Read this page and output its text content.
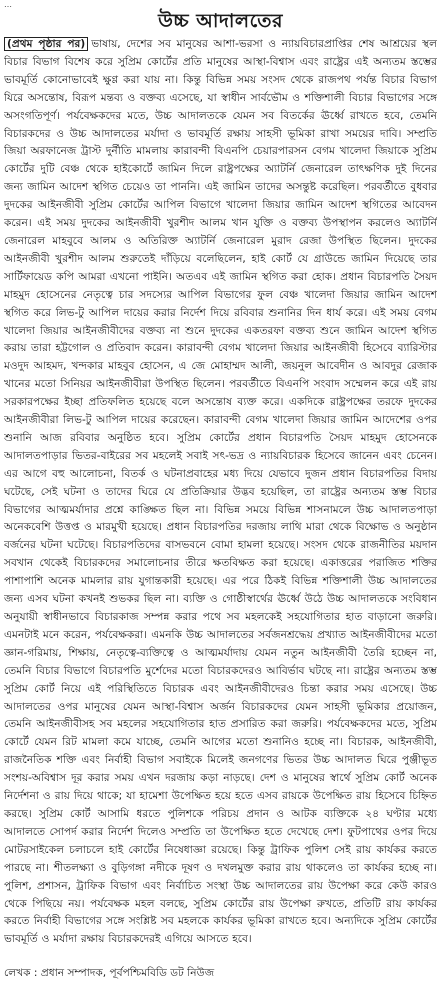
…
উচ্চ আদালতের
(প্রথম পৃষ্ঠার পর) ভাষায়, দেশের সব মানুষের আশা-ভরসা ও ন্যায়বিচারপ্রাপ্তির শেষ আশ্রয়ের স্থল বিচার বিভাগ বিশেষ করে সুপ্রিম কোর্টের প্রতি মানুষের আস্থা-বিশ্বাস এবং রাষ্ট্রের এই অন্যতম স্তম্ভের ভাবমূর্তি কোনোভাবেই ক্ষুণ্ণ করা যায় না। কিন্তু বিভিন্ন সময় সংসদ থেকে রাজপথ পর্যন্ত বিচার বিভাগ যিরে অসন্তোষ, বিরূপ মন্তব্য ও বক্তব্য এসেছে, যা স্বাধীন সার্বভৌম ও শক্তিশালী বিচার বিভাগের সঙ্গে অসংগতিপূর্ণ। পর্যবেক্ষকদের মতে, উচ্চ আদালতকে যেমন সব বিতর্কের ঊর্ধ্বে রাখতে হবে, তেমনি বিচারকদের ও উচ্চ আদালতের মর্যাদা ও ভাবমূর্তি রক্ষায় সাহসী ভূমিকা রাখা সময়ের দাবি। সম্প্রতি জিয়া অরফানেজ ট্রাস্ট দুর্নীতি মামলায় কারাবন্দী বিএনপি চেয়ারপারসন বেগম খালেদা জিয়াকে সুপ্রিম কোর্টের দুটি বেঞ্চ থেকে হাইকোর্টে জামিন দিলে রাষ্ট্রপক্ষের অ্যাটর্নি জেনারেল তাৎক্ষণিক দুই দিনের জন্য জামিন আদেশ স্থগিত চেয়েও তা পাননি। এই জামিন তাদের অসন্তুষ্ট করেছিল। পরবর্তীতে বুধবার দুদকের আইনজীবী সুপ্রিম কোর্টের আপিল বিভাগে খালেদা জিয়ার জামিন আদেশ স্থগিতের আবেদন করেন। এই সময় দুদকের আইনজীবী খুরশীদ আলম খান যুক্তি ও বক্তব্য উপস্থাপন করলেও অ্যাটর্নি জেনারেল মাহবুবে আলম ও অতিরিক্ত অ্যাটর্নি জেনারেল মুরাদ রেজা উপস্থিত ছিলেন। দুদকের আইনজীবী খুরশীদ আলম শুরুতেই দাঁড়িয়ে বলেছিলেন, হাই কোর্ট যে গ্রাউন্ডে জামিন দিয়েছে তার সার্টিফায়েড কপি আমরা এখনো পাইনি। অতএব এই জামিন স্থগিত করা হোক। প্রধান বিচারপতি সৈয়দ মাহমুদ হোসেনের নেতৃত্বে চার সদস্যের আপিল বিভাগের ফুল বেঞ্চ খালেদা জিয়ার জামিন আদেশ স্থগিত করে লিভ-টু আপিল দায়ের করার নির্দেশ দিয়ে রবিবার শুনানির দিন ধার্য করে। এই সময় বেগম খালেদা জিয়ার আইনজীবীদের বক্তব্য না শুনে দুদকের একতরফা বক্তব্য শুনে জামিন আদেশ স্থগিত করায় তারা হট্টগোল ও প্রতিবাদ করেন। কারাবন্দী বেগম খালেদা জিয়ার আইনজীবী হিসেবে ব্যারিস্টার মওদুদ আহমদ, খন্দকার মাহবুব হোসেন, এ জে মোহাম্মদ আলী, জয়নুল আবেদীন ও আবদুর রেজাক খানের মতো সিনিয়র আইনজীবীরা উপস্থিত ছিলেন। পরবর্তীতে বিএনপি সংবাদ সম্মেলন করে এই রায় সরকারপক্ষের ইচ্ছা প্রতিফলিত হয়েছে বলে অসন্তোষ ব্যক্ত করে। একদিকে রাষ্ট্রপক্ষের তরফে দুদকের আইনজীবীরা লিভ-টু আপিল দায়ের করেছেন। কারাবন্দী বেগম খালেদা জিয়ার জামিন আদেশের ওপর শুনানি আজ রবিবার অনুষ্ঠিত হবে। সুপ্রিম কোর্টের প্রধান বিচারপতি সৈয়দ মাহমুদ হোসেনকে আদালতপাড়ার ভিতর-বাইরের সব মহলেই সবাই সৎ-ভদ্র ও ন্যায়বিচারক হিসেবে জানেন এবং চেনেন। এর আগে বহু আলোচনা, বিতর্ক ও ঘটনাপ্রবাহের মধ্য দিয়ে যেভাবে দুজন প্রধান বিচারপতির বিদায় ঘটেছে, সেই ঘটনা ও তাদের ঘিরে যে প্রতিক্রিয়ার উদ্ভব হয়েছিল, তা রাষ্ট্রের অন্যতম স্তম্ভ বিচার বিভাগের আত্মমর্যাদার প্রশ্নে কাঙ্ক্ষিত ছিল না। বিভিন্ন সময়ে বিভিন্ন শাসনামলে উচ্চ আদালতপাড়া অনেকবেশি উত্তপ্ত ও মারমুখী হয়েছে। প্রধান বিচারপতির দরজায় লাথি মারা থেকে বিক্ষোভ ও অনুষ্ঠান বর্জনের ঘটনা ঘটেছে। বিচারপতিদের বাসভবনে বোমা হামলা হয়েছে। সংসদ থেকে রাজনীতির ময়দান সবখান থেকেই বিচারকদের সমালোচনার তীরে ক্ষতবিক্ষত করা হয়েছে। একাত্তরের পরাজিত শক্তির পাশাপাশি অনেক মামলার রায় যুগান্তকারী হয়েছে। এর পরে ঠিকই বিভিন্ন শক্তিশালী উচ্চ আদালতের জন্য এসব ঘটনা কখনই শুভকর ছিল না। ব্যক্তি ও গোষ্ঠীস্বার্থের ঊর্ধ্বে উঠে উচ্চ আদালতকে সংবিধান অনুযায়ী স্বাধীনভাবে বিচারকাজ সম্পন্ন করার পথে সব মহলকেই সহযোগিতার হাত বাড়ানো জরুরি। এমনটাই মনে করেন, পর্যবেক্ষকরা। এমনকি উচ্চ আদালতের সর্বজনশ্রদ্ধেয় প্রখ্যাত আইনজীবীদের মতো জ্ঞান-গরিমায়, শিক্ষায়, নেতৃত্বে-ব্যক্তিত্বে ও আত্মমর্যাদায় যেমন নতুন আইনজীবী তৈরি হচ্ছেন না, তেমনি বিচার বিভাগে বিচারপতি মুর্শেদের মতো বিচারকদেরও আবির্ভাব ঘটছে না। রাষ্ট্রের অন্যতম স্তম্ভ সুপ্রিম কোর্ট নিয়ে এই পরিস্থিতিতে বিচারক এবং আইনজীবীদেরও চিন্তা করার সময় এসেছে। উচ্চ আদালতের ওপর মানুষের যেমন আস্থা-বিশ্বাস অর্জন বিচারকদের যেমন সাহসী ভূমিকার প্রয়োজন, তেমনি আইনজীবীসহ সব মহলের সহযোগিতার হাত প্রসারিত করা জরুরি। পর্যবেক্ষকদের মতে, সুপ্রিম কোর্টে যেমন রিট মামলা কমে যাচ্ছে, তেমনি আগের মতো শুনানিও হচ্ছে না। বিচারক, আইনজীবী, রাজনৈতিক শক্তি এবং নির্বাহী বিভাগ সবাইকে মিলেই জনগণের ভিতর উচ্চ আদালত ঘিরে পুঞ্জীভূত সংশয়-অবিশ্বাস দূর করার সময় এখন দরজায় কড়া নাড়ছে। দেশ ও মানুষের স্বার্থে সুপ্রিম কোর্ট অনেক নির্দেশনা ও রায় দিয়ে থাকে; যা হামেশা উপেক্ষিত হয়ে হতে এসব রায়কে উপেক্ষিত রায় হিসেবে চিহ্নিত করছে। সুপ্রিম কোর্ট আসামি ধরতে পুলিশকে পরিচয় প্রদান ও আটক ব্যক্তিকে ২৪ ঘণ্টার মধ্যে আদালতে সোপর্দ করার নির্দেশ দিলেও সম্প্রতি তা উপেক্ষিত হতে দেখেছে দেশ। ফুটপাথের ওপর দিয়ে মোটরসাইকেল চলাচলে হাই কোর্টের নিষেধাজ্ঞা রয়েছে। কিন্তু ট্রাফিক পুলিশ সেই রায় কার্যকর করতে পারছে না। শীতলক্ষ্যা ও বুড়িগঙ্গা নদীকে দূষণ ও দখলমুক্ত করার রায় থাকলেও তা কার্যকর হচ্ছে না। পুলিশ, প্রশাসন, ট্রাফিক বিভাগ এবং নির্বাচিত সংস্থা উচ্চ আদালতের রায় উপেক্ষা করে কেউ কারও থেকে পিছিয়ে নয়। পর্যবেক্ষক মহল বলছে, সুপ্রিম কোর্টের রায় উপেক্ষা রুখতে, প্রতিটি রায় কার্যকর করতে নির্বাহী বিভাগের সঙ্গে সংশ্লিষ্ট সব মহলকে কার্যকর ভূমিকা রাখতে হবে। অন্যদিকে সুপ্রিম কোর্টের ভাবমূর্তি ও মর্যাদা রক্ষায় বিচারকদেরই এগিয়ে আসতে হবে।
লেখক : প্রধান সম্পাদক, পূর্বপশ্চিমবিডি ডট নিউজ
